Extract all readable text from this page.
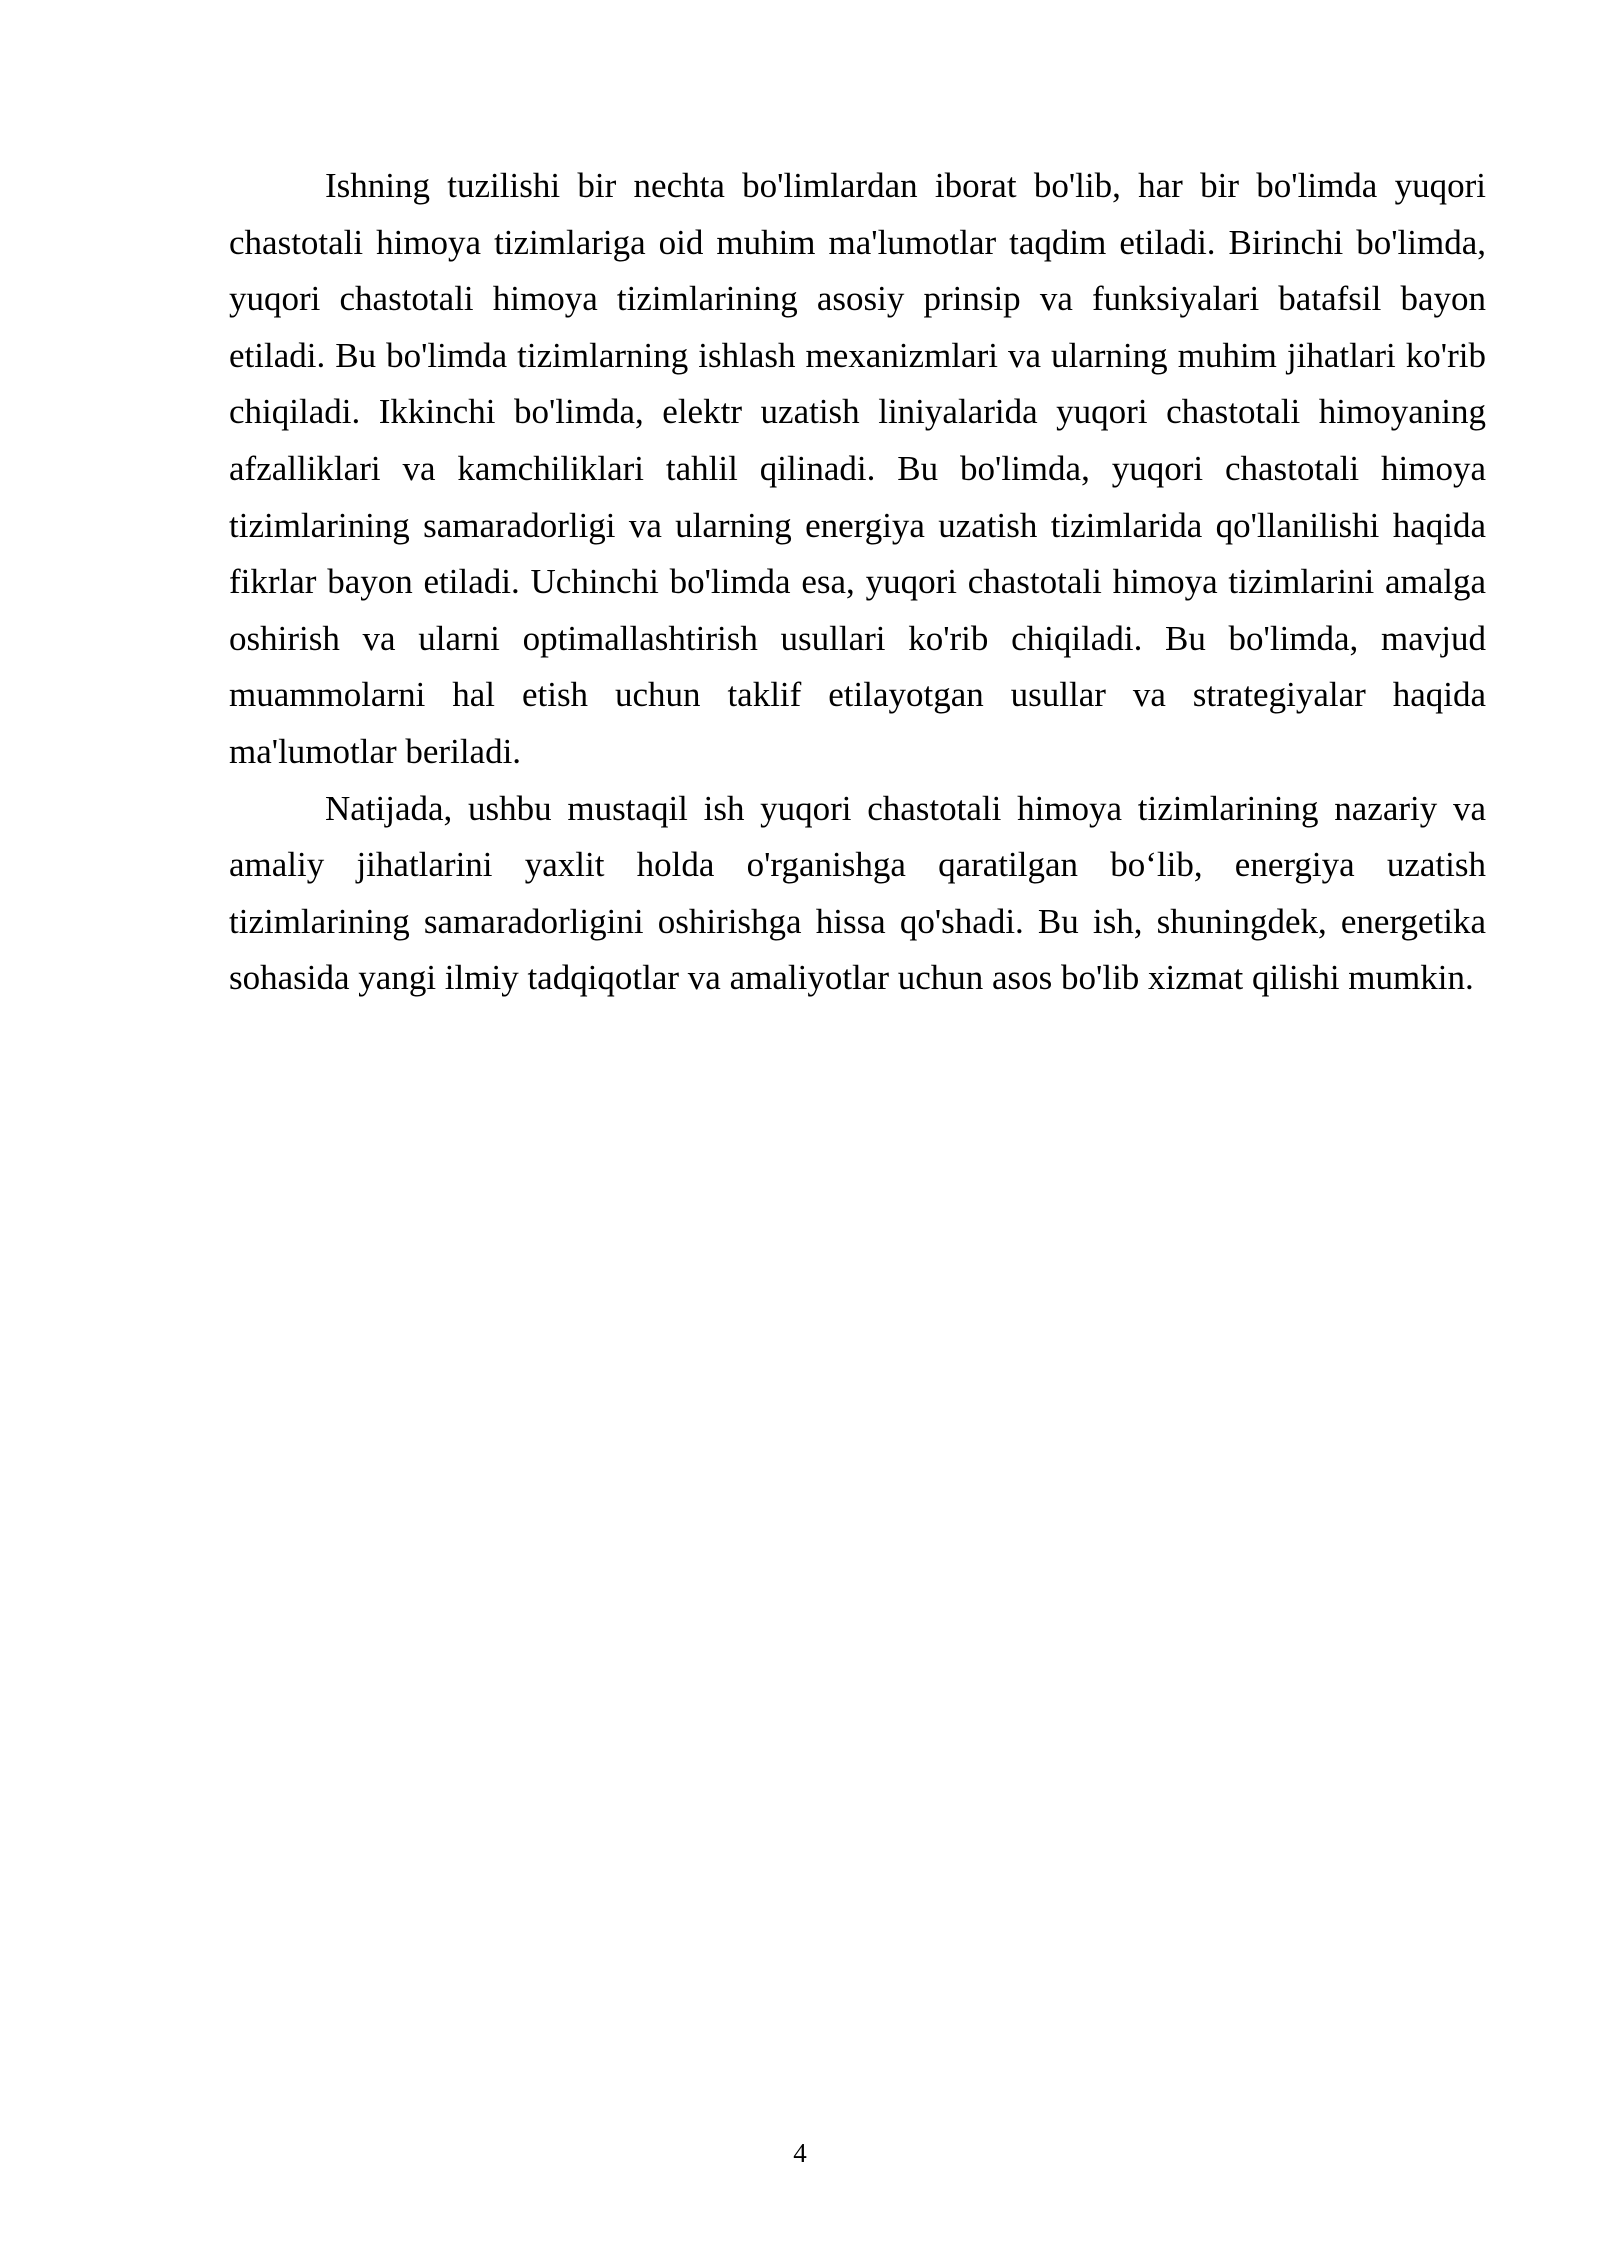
Ishning tuzilishi bir nechta bo'limlardan iborat bo'lib, har bir bo'limda yuqori chastotali himoya tizimlariga oid muhim ma'lumotlar taqdim etiladi. Birinchi bo'limda, yuqori chastotali himoya tizimlarining asosiy prinsip va funksiyalari batafsil bayon etiladi. Bu bo'limda tizimlarning ishlash mexanizmlari va ularning muhim jihatlari ko'rib chiqiladi. Ikkinchi bo'limda, elektr uzatish liniyalarida yuqori chastotali himoyaning afzalliklari va kamchiliklari tahlil qilinadi. Bu bo'limda, yuqori chastotali himoya tizimlarining samaradorligi va ularning energiya uzatish tizimlarida qo'llanilishi haqida fikrlar bayon etiladi. Uchinchi bo'limda esa, yuqori chastotali himoya tizimlarini amalga oshirish va ularni optimallashtirish usullari ko'rib chiqiladi. Bu bo'limda, mavjud muammolarni hal etish uchun taklif etilayotgan usullar va strategiyalar haqida ma'lumotlar beriladi.

Natijada, ushbu mustaqil ish yuqori chastotali himoya tizimlarining nazariy va amaliy jihatlarini yaxlit holda o'rganishga qaratilgan bo‘lib, energiya uzatish tizimlarining samaradorligini oshirishga hissa qo'shadi. Bu ish, shuningdek, energetika sohasida yangi ilmiy tadqiqotlar va amaliyotlar uchun asos bo'lib xizmat qilishi mumkin.

4
